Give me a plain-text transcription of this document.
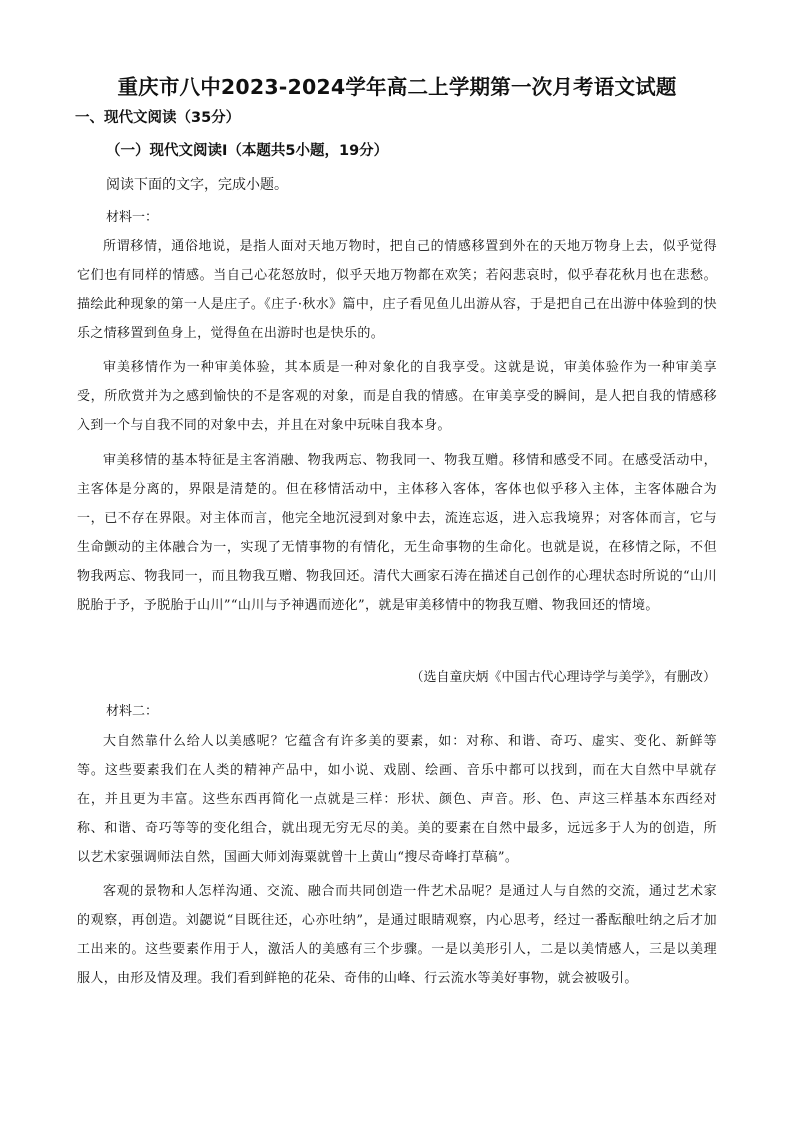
重庆市八中2023-2024学年高二上学期第一次月考语文试题
一、现代文阅读（35分）
（一）现代文阅读Ⅰ（本题共5小题，19分）
阅读下面的文字，完成小题。
材料一：
所谓移情，通俗地说，是指人面对天地万物时，把自己的情感移置到外在的天地万物身上去，似乎觉得它们也有同样的情感。当自己心花怒放时，似乎天地万物都在欢笑；若闷悲哀时，似乎春花秋月也在悲愁。描绘此种现象的第一人是庄子。《庄子·秋水》篇中，庄子看见鱼儿出游从容，于是把自己在出游中体验到的快乐之情移置到鱼身上，觉得鱼在出游时也是快乐的。
审美移情作为一种审美体验，其本质是一种对象化的自我享受。这就是说，审美体验作为一种审美享受，所欣赏并为之感到愉快的不是客观的对象，而是自我的情感。在审美享受的瞬间，是人把自我的情感移入到一个与自我不同的对象中去，并且在对象中玩味自我本身。
审美移情的基本特征是主客消融、物我两忘、物我同一、物我互赠。移情和感受不同。在感受活动中，主客体是分离的，界限是清楚的。但在移情活动中，主体移入客体，客体也似乎移入主体，主客体融合为一，已不存在界限。对主体而言，他完全地沉浸到对象中去，流连忘返，进入忘我境界；对客体而言，它与生命颤动的主体融合为一，实现了无情事物的有情化，无生命事物的生命化。也就是说，在移情之际，不但物我两忘、物我同一，而且物我互赠、物我回还。清代大画家石涛在描述自己创作的心理状态时所说的“山川脱胎于予，予脱胎于山川”“山川与予神遇而迹化”，就是审美移情中的物我互赠、物我回还的情境。
（选自童庆炳《中国古代心理诗学与美学》，有删改）
材料二：
大自然靠什么给人以美感呢？它蕴含有许多美的要素，如：对称、和谐、奇巧、虚实、变化、新鲜等等。这些要素我们在人类的精神产品中，如小说、戏剧、绘画、音乐中都可以找到，而在大自然中早就存在，并且更为丰富。这些东西再简化一点就是三样：形状、颜色、声音。形、色、声这三样基本东西经对称、和谐、奇巧等等的变化组合，就出现无穷无尽的美。美的要素在自然中最多，远远多于人为的创造，所以艺术家强调师法自然，国画大师刘海粟就曾十上黄山“搜尽奇峰打草稿”。
客观的景物和人怎样沟通、交流、融合而共同创造一件艺术品呢？是通过人与自然的交流，通过艺术家的观察，再创造。刘勰说“目既往还，心亦吐纳”，是通过眼睛观察，内心思考，经过一番酝酿吐纳之后才加工出来的。这些要素作用于人，激活人的美感有三个步骤。一是以美形引人，二是以美情感人，三是以美理服人，由形及情及理。我们看到鲜艳的花朵、奇伟的山峰、行云流水等美好事物，就会被吸引。
